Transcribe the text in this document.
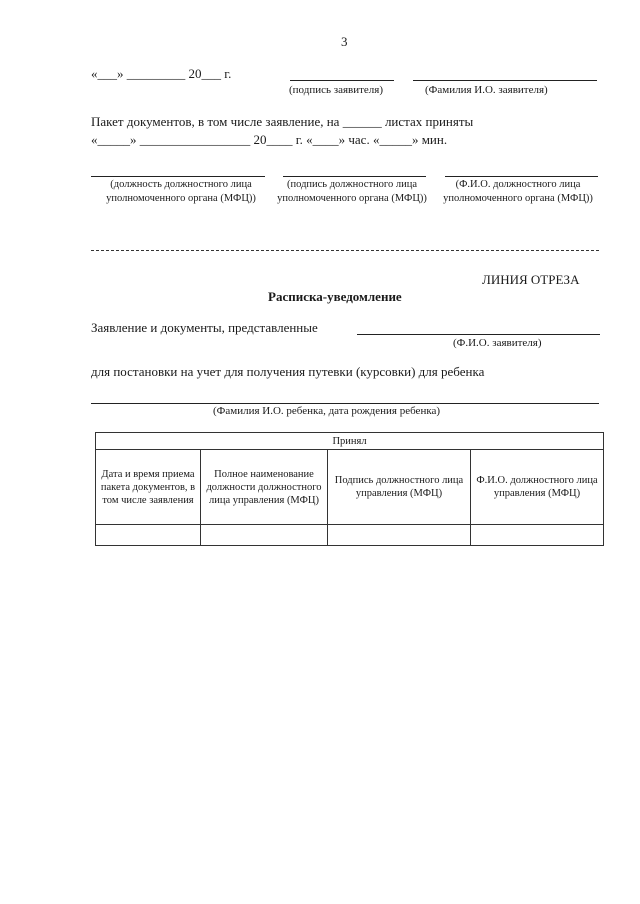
3
«___» _________ 20___ г.
(подпись заявителя)	(Фамилия И.О. заявителя)
Пакет документов, в том числе заявление, на ______ листах приняты
«_____» _________________ 20____ г. «____» час. «_____» мин.
(должность должностного лица уполномоченного органа (МФЦ))
(подпись должностного лица уполномоченного органа (МФЦ))
(Ф.И.О. должностного лица уполномоченного органа (МФЦ))
ЛИНИЯ ОТРЕЗА
Расписка-уведомление
Заявление и документы, представленные
(Ф.И.О. заявителя)
для постановки на учет для получения путевки (курсовки) для ребенка
(Фамилия И.О. ребенка, дата рождения ребенка)
Принял			
Дата и время приема пакета документов, в том числе заявления	Полное наименование должности должностного лица управления (МФЦ)	Подпись должностного лица управления (МФЦ)	Ф.И.О. должностного лица управления (МФЦ)
